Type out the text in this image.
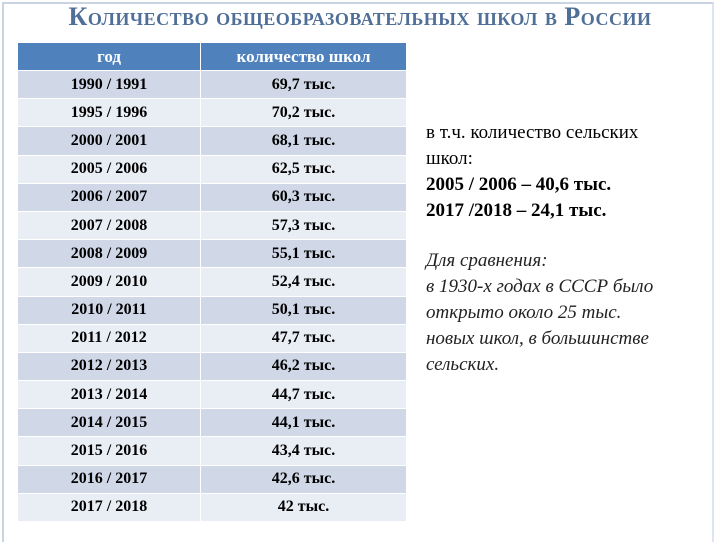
Количество общеобразовательных школ в России
год	количество школ
1990 / 1991	69,7 тыс.
1995 / 1996	70,2 тыс.
2000 / 2001	68,1 тыс.
2005 / 2006	62,5 тыс.
2006 / 2007	60,3 тыс.
2007 / 2008	57,3 тыс.
2008 / 2009	55,1 тыс.
2009 / 2010	52,4 тыс.
2010 / 2011	50,1 тыс.
2011 / 2012	47,7 тыс.
2012 / 2013	46,2 тыс.
2013 / 2014	44,7 тыс.
2014 / 2015	44,1 тыс.
2015 / 2016	43,4 тыс.
2016 / 2017	42,6 тыс.
2017 / 2018	42 тыс.
в т.ч. количество сельских
школ:
2005 / 2006 – 40,6 тыс.
2017 /2018 – 24,1 тыс.
Для сравнения:
в 1930-х годах в СССР было
открыто около 25 тыс.
новых школ, в большинстве
сельских.
